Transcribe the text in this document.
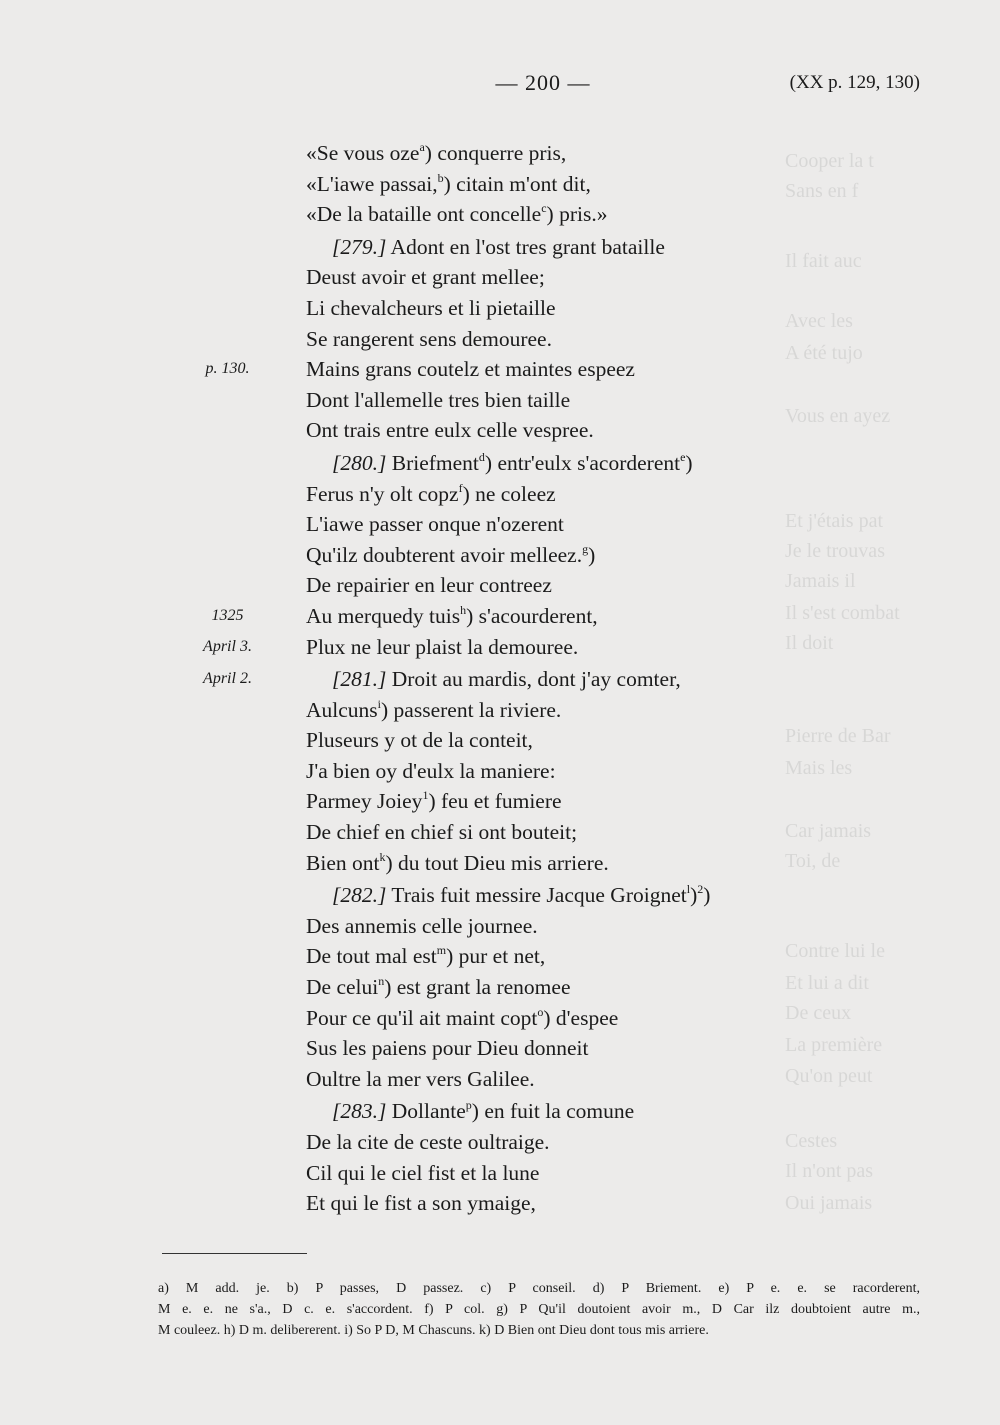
Cooper la t
Sans en f
Il fait auc
Avec les
A été tujo
Vous en ayez
Et j'étais pat
Je le trouvas
Jamais il
Il s'est combat
Il doit
Pierre de Bar
Mais les
Car jamais
Toi, de
Contre lui le
Et lui a dit
De ceux
La première
Qu'on peut
Cestes
Il n'ont pas
Oui jamais
— 200 —	(XX p. 129, 130)
«Se vous oze$^a$) conquerre pris,
«L'iawe passai,$^b$) citain m'ont dit,
«De la bataille ont concelle$^c$) pris.»
[279.] Adont en l'ost tres grant bataille
Deust avoir et grant mellee;
Li chevalcheurs et li pietaille
Se rangerent sens demouree.
p. 130.	Mains grans coutelz et maintes espeez
Dont l'allemelle tres bien taille
Ont trais entre eulx celle vespree.
[280.] Briefment$^d$) entr'eulx s'acorderent$^e$)
Ferus n'y olt copz$^f$) ne coleez
L'iawe passer onque n'ozerent
Qu'ilz doubterent avoir melleez.$^g$)
De repairier en leur contreez
1325	Au merquedy tuis$^h$) s'acourderent,
April 3.	Plux ne leur plaist la demouree.
April 2.	[281.] Droit au mardis, dont j'ay comter,
Aulcuns$^i$) passerent la riviere.
Pluseurs y ot de la conteit,
J'a bien oy d'eulx la maniere:
Parmey Joiey$^1$) feu et fumiere
De chief en chief si ont bouteit;
Bien ont$^k$) du tout Dieu mis arriere.
[282.] Trais fuit messire Jacque Groignet$^l$)$^2$)
Des annemis celle journee.
De tout mal est$^m$) pur et net,
De celui$^n$) est grant la renomee
Pour ce qu'il ait maint copt$^o$) d'espee
Sus les paiens pour Dieu donneit
Oultre la mer vers Galilee.
[283.] Dollante$^p$) en fuit la comune
De la cite de ceste oultraige.
Cil qui le ciel fist et la lune
Et qui le fist a son ymaige,
a) M add. je. b) P passes, D passez. c) P conseil. d) P Briement. e) P e. e. se racorderent,
M e. e. ne s'a., D c. e. s'accordent. f) P col. g) P Qu'il doutoient avoir m., D Car ilz doubtoient autre m.,
M couleez. h) D m. delibererent. i) So P D, M Chascuns. k) D Bien ont Dieu dont tous mis arriere.
